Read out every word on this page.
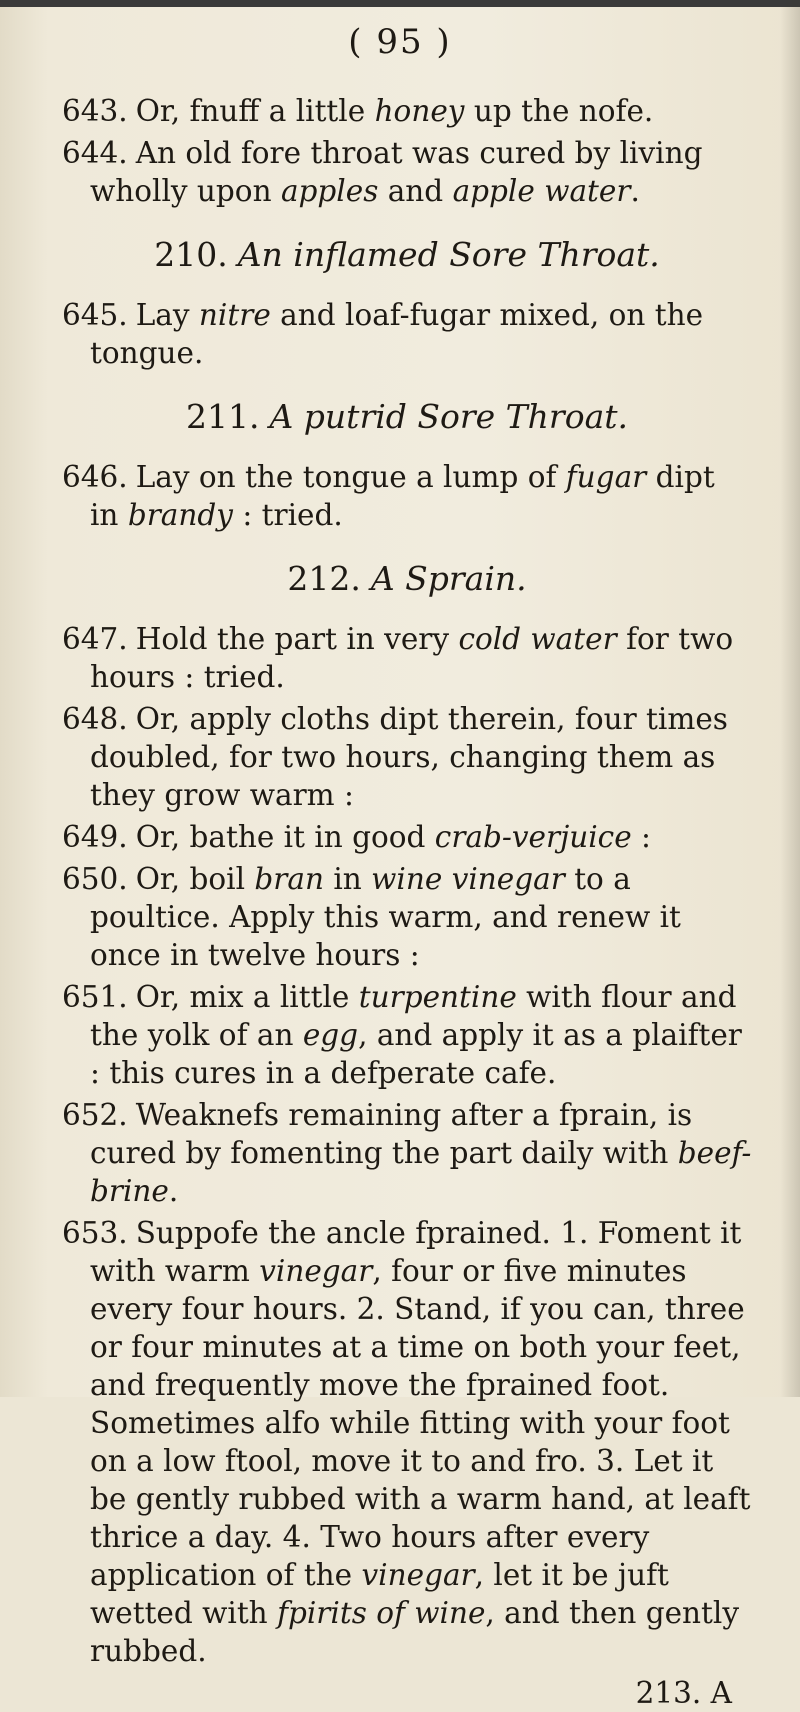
( 95 )
643. Or, fnuff a little honey up the nofe.
644. An old fore throat was cured by living wholly upon apples and apple water.
210. An inflamed Sore Throat.
645. Lay nitre and loaf-fugar mixed, on the tongue.
211. A putrid Sore Throat.
646. Lay on the tongue a lump of fugar dipt in brandy : tried.
212. A Sprain.
647. Hold the part in very cold water for two hours : tried.
648. Or, apply cloths dipt therein, four times doubled, for two hours, changing them as they grow warm :
649. Or, bathe it in good crab-verjuice :
650. Or, boil bran in wine vinegar to a poultice. Apply this warm, and renew it once in twelve hours :
651. Or, mix a little turpentine with flour and the yolk of an egg, and apply it as a plaifter : this cures in a defperate cafe.
652. Weaknefs remaining after a fprain, is cured by fomenting the part daily with beef-brine.
653. Suppofe the ancle fprained. 1. Foment it with warm vinegar, four or five minutes every four hours. 2. Stand, if you can, three or four minutes at a time on both your feet, and frequently move the fprained foot. Sometimes alfo while fitting with your foot on a low ftool, move it to and fro. 3. Let it be gently rubbed with a warm hand, at leaft thrice a day. 4. Two hours after every application of the vinegar, let it be juft wetted with fpirits of wine, and then gently rubbed.
213. A
